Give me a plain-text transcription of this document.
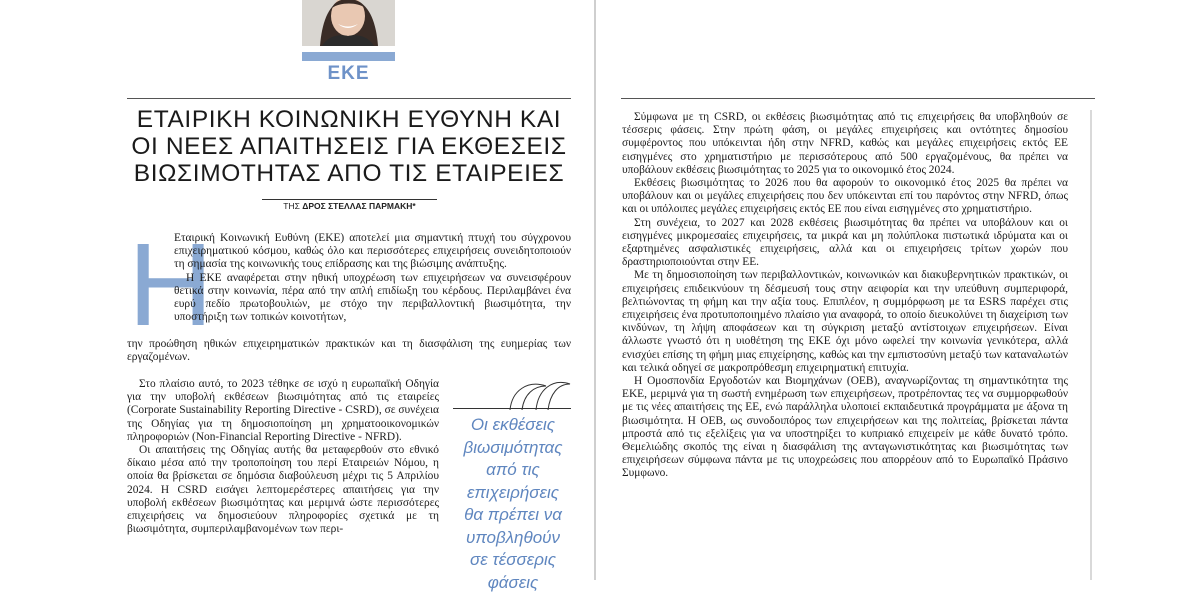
ΕΚΕ
ΕΤΑΙΡΙΚΗ ΚΟΙΝΩΝΙΚΗ ΕΥΘΥΝΗ ΚΑΙ
ΟΙ ΝΕΕΣ ΑΠΑΙΤΗΣΕΙΣ ΓΙΑ ΕΚΘΕΣΕΙΣ
ΒΙΩΣΙΜΟΤΗΤΑΣ ΑΠΟ ΤΙΣ ΕΤΑΙΡΕΙΕΣ
ΤΗΣ ΔΡΟΣ ΣΤΕΛΛΑΣ ΠΑΡΜΑΚΗ*
Η

Εταιρική Κοινωνική Ευθύνη (ΕΚΕ) αποτελεί μια σημαντική πτυχή του σύγχρονου επιχειρηματικού κόσμου, καθώς όλο και περισσότερες επιχειρήσεις συνειδητοποιούν τη σημασία της κοινωνικής τους επίδρασης και της βιώσιμης ανάπτυξης.

Η ΕΚΕ αναφέρεται στην ηθική υποχρέωση των επιχειρήσεων να συνεισφέρουν θετικά στην κοινωνία, πέρα από την απλή επιδίωξη του κέρδους. Περιλαμβάνει ένα ευρύ πεδίο πρωτοβουλιών, με στόχο την περιβαλλοντική βιωσιμότητα, την υποστήριξη των τοπικών κοινοτήτων,

την προώθηση ηθικών επιχειρηματικών πρακτικών και τη διασφάλιση της ευημερίας των εργαζομένων.

Στο πλαίσιο αυτό, το 2023 τέθηκε σε ισχύ η ευρωπαϊκή Οδηγία για την υποβολή εκθέσεων βιωσιμότητας από τις εταιρείες (Corporate Sustainability Reporting Directive - CSRD), σε συνέχεια της Οδηγίας για τη δημοσιοποίηση μη χρηματοοικονομικών πληροφοριών (Non-Financial Reporting Directive - NFRD).

Οι απαιτήσεις της Οδηγίας αυτής θα μεταφερθούν στο εθνικό δίκαιο μέσα από την τροποποίηση του περί Εταιρειών Νόμου, η οποία θα βρίσκεται σε δημόσια διαβούλευση μέχρι τις 5 Απριλίου 2024. Η CSRD εισάγει λεπτομερέστερες απαιτήσεις για την υποβολή εκθέσεων βιωσιμότητας και μεριμνά ώστε περισσότερες επιχειρήσεις να δημοσιεύουν πληροφορίες σχετικά με τη βιωσιμότητα, συμπεριλαμβανομένων των περι-

Οι εκθέσεις
βιωσιμότητας
από τις
επιχειρήσεις
θα πρέπει να
υποβληθούν
σε τέσσερις
φάσεις

Σύμφωνα με τη CSRD, οι εκθέσεις βιωσιμότητας από τις επιχειρήσεις θα υποβληθούν σε τέσσερις φάσεις. Στην πρώτη φάση, οι μεγάλες επιχειρήσεις και οντότητες δημοσίου συμφέροντος που υπόκεινται ήδη στην NFRD, καθώς και μεγάλες επιχειρήσεις εκτός ΕΕ εισηγμένες στο χρηματιστήριο με περισσότερους από 500 εργαζομένους, θα πρέπει να υποβάλουν εκθέσεις βιωσιμότητας το 2025 για το οικονομικό έτος 2024.

Εκθέσεις βιωσιμότητας το 2026 που θα αφορούν το οικονομικό έτος 2025 θα πρέπει να υποβάλουν και οι μεγάλες επιχειρήσεις που δεν υπόκεινται επί του παρόντος στην NFRD, όπως και οι υπόλοιπες μεγάλες επιχειρήσεις εκτός ΕΕ που είναι εισηγμένες στο χρηματιστήριο.

Στη συνέχεια, το 2027 και 2028 εκθέσεις βιωσιμότητας θα πρέπει να υποβάλουν και οι εισηγμένες μικρομεσαίες επιχειρήσεις, τα μικρά και μη πολύπλοκα πιστωτικά ιδρύματα και οι εξαρτημένες ασφαλιστικές επιχειρήσεις, αλλά και οι επιχειρήσεις τρίτων χωρών που δραστηριοποιούνται στην ΕΕ.

Με τη δημοσιοποίηση των περιβαλλοντικών, κοινωνικών και διακυβερνητικών πρακτικών, οι επιχειρήσεις επιδεικνύουν τη δέσμευσή τους στην αειφορία και την υπεύθυνη συμπεριφορά, βελτιώνοντας τη φήμη και την αξία τους. Επιπλέον, η συμμόρφωση με τα ESRS παρέχει στις επιχειρήσεις ένα προτυποποιημένο πλαίσιο για αναφορά, το οποίο διευκολύνει τη διαχείριση των κινδύνων, τη λήψη αποφάσεων και τη σύγκριση μεταξύ αντίστοιχων επιχειρήσεων. Είναι άλλωστε γνωστό ότι η υιοθέτηση της ΕΚΕ όχι μόνο ωφελεί την κοινωνία γενικότερα, αλλά ενισχύει επίσης τη φήμη μιας επιχείρησης, καθώς και την εμπιστοσύνη μεταξύ των καταναλωτών και τελικά οδηγεί σε μακροπρόθεσμη επιχειρηματική επιτυχία.

Η Ομοσπονδία Εργοδοτών και Βιομηχάνων (ΟΕΒ), αναγνωρίζοντας τη σημαντικότητα της ΕΚΕ, μεριμνά για τη σωστή ενημέρωση των επιχειρήσεων, προτρέποντας τες να συμμορφωθούν με τις νέες απαιτήσεις της ΕΕ, ενώ παράλληλα υλοποιεί εκπαιδευτικά προγράμματα με άξονα τη βιωσιμότητα. Η ΟΕΒ, ως συνοδοιπόρος των επιχειρήσεων και της πολιτείας, βρίσκεται πάντα μπροστά από τις εξελίξεις για να υποστηρίξει το κυπριακό επιχειρείν με κάθε δυνατό τρόπο. Θεμελιώδης σκοπός της είναι η διασφάλιση της ανταγωνιστικότητας και βιωσιμότητας των επιχειρήσεων σύμφωνα πάντα με τις υποχρεώσεις που απορρέουν από το Ευρωπαϊκό Πράσινο Συμφωνο.
